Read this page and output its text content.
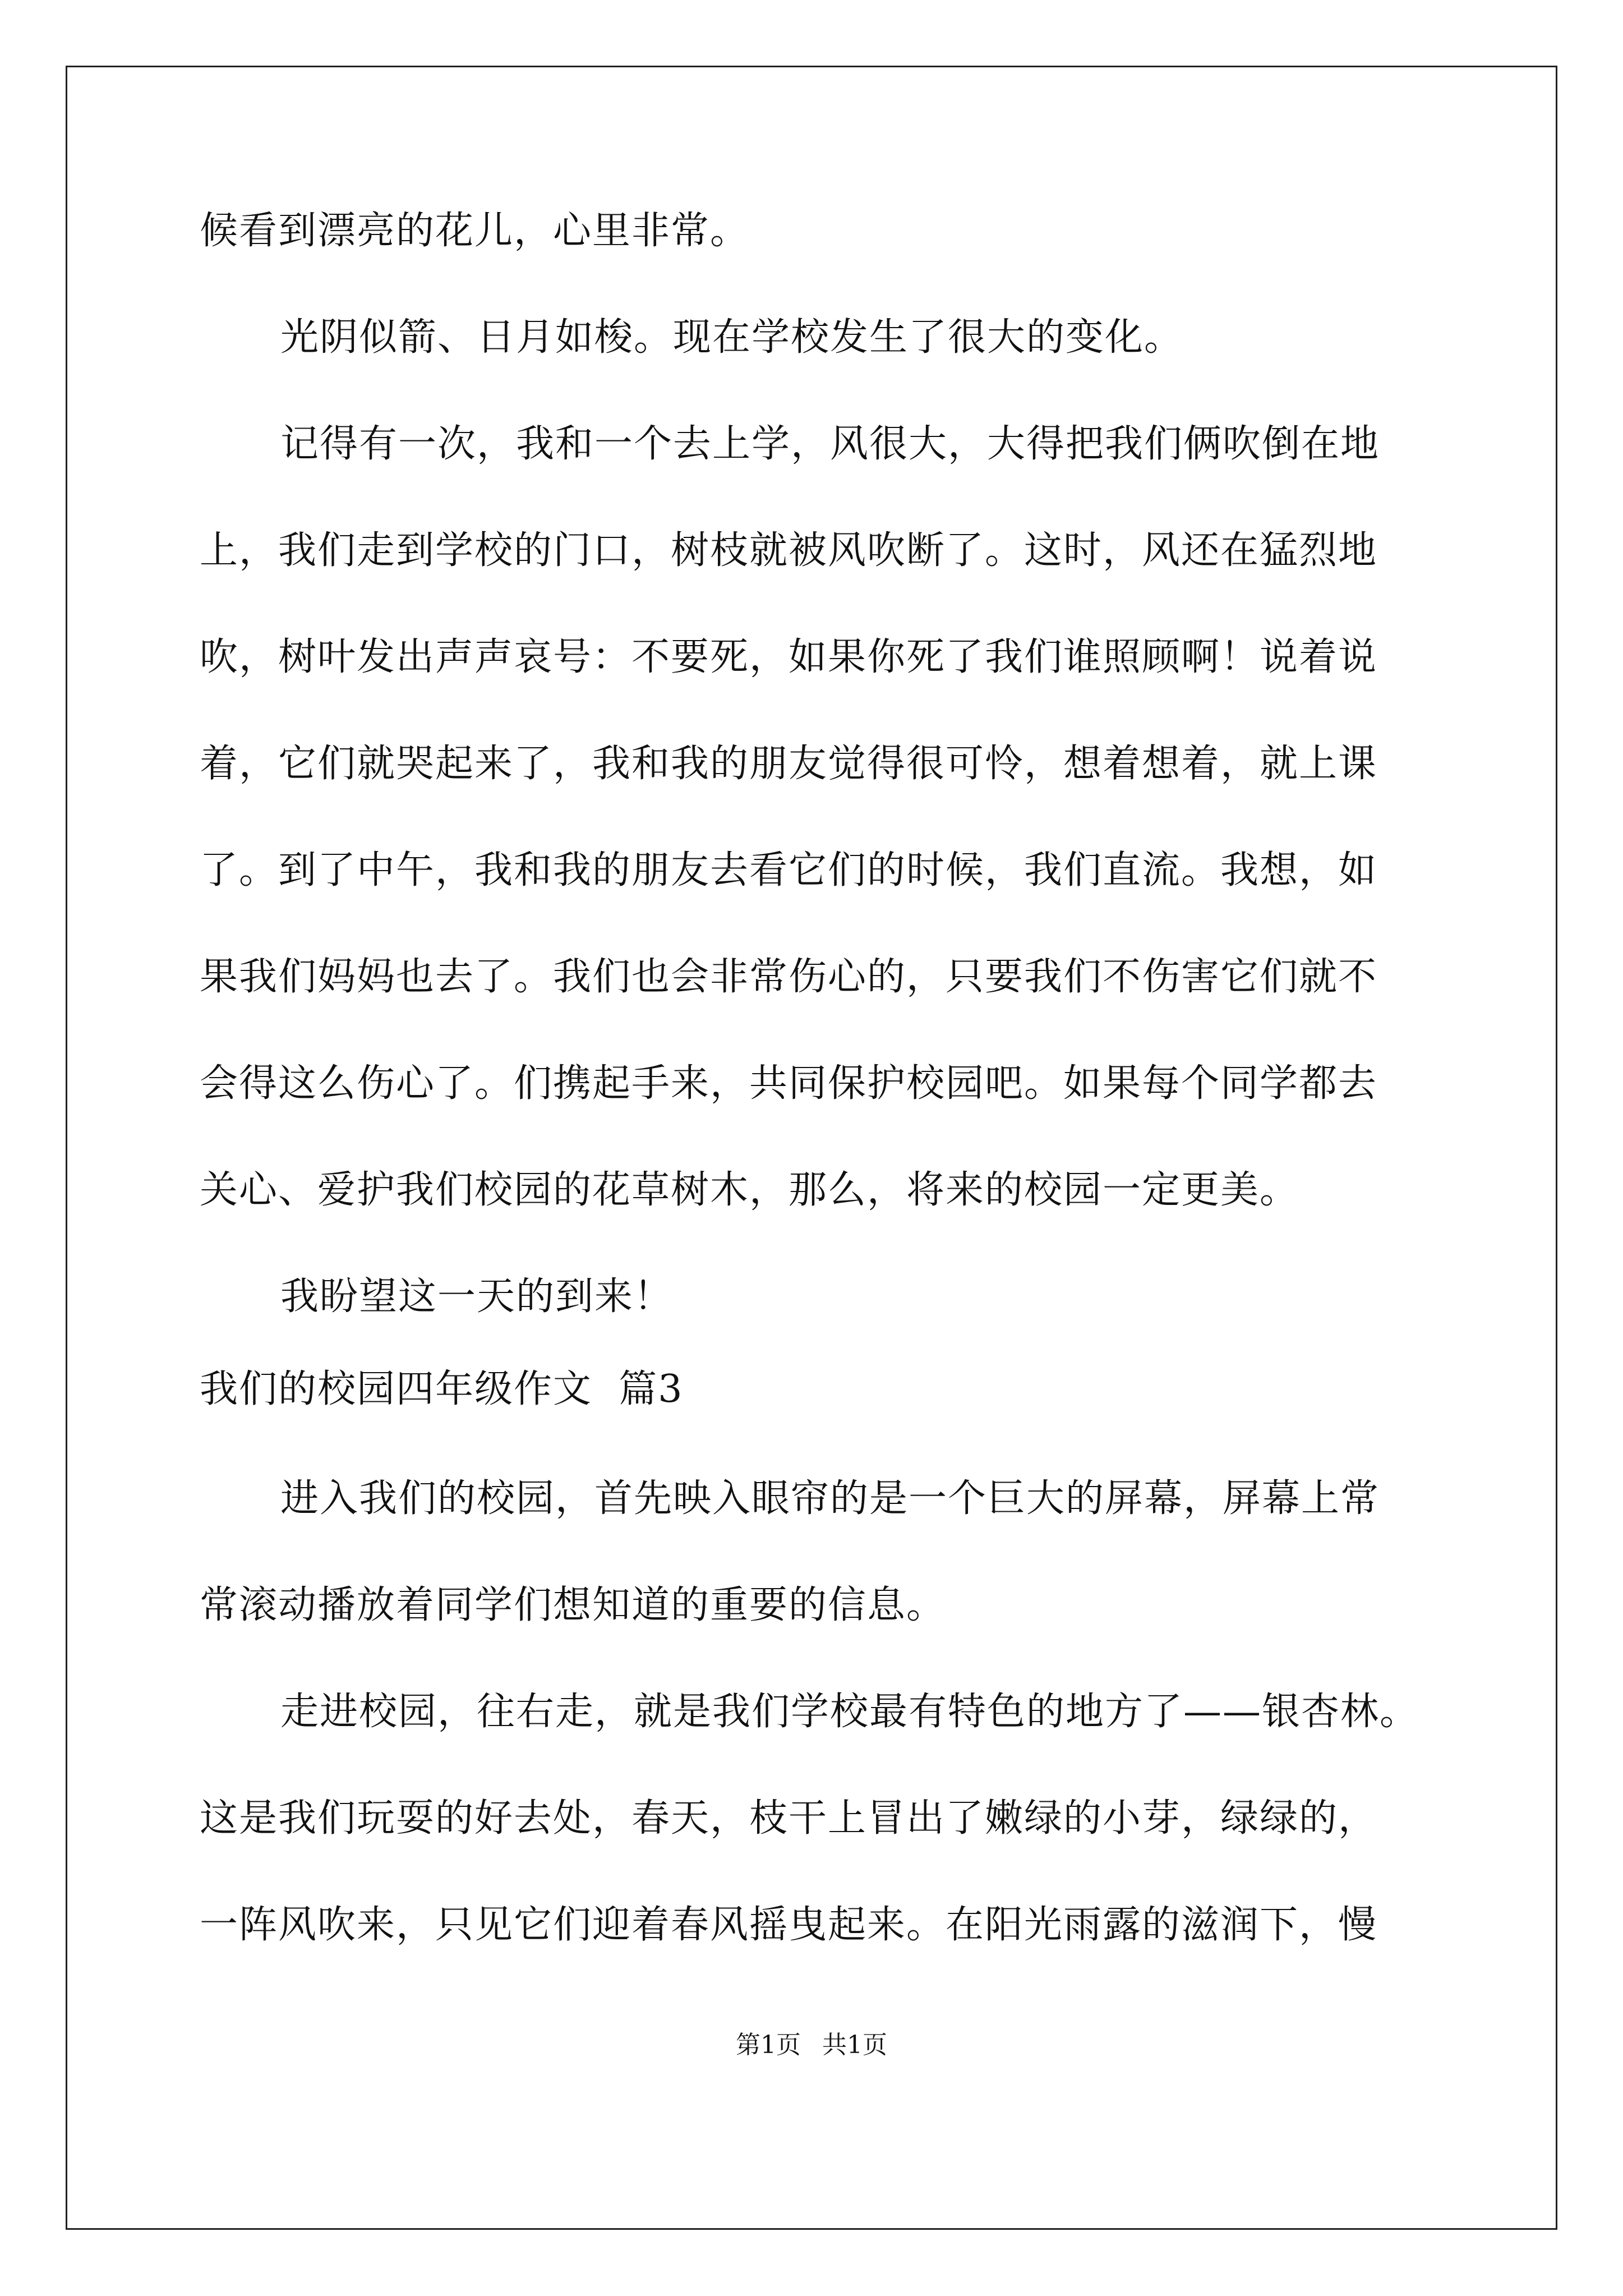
候看到漂亮的花儿，心里非常。
光阴似箭、日月如梭。现在学校发生了很大的变化。
记得有一次，我和一个去上学，风很大，大得把我们俩吹倒在地
上，我们走到学校的门口，树枝就被风吹断了。这时，风还在猛烈地
吹，树叶发出声声哀号：不要死，如果你死了我们谁照顾啊！说着说
着，它们就哭起来了，我和我的朋友觉得很可怜，想着想着，就上课
了。到了中午，我和我的朋友去看它们的时候，我们直流。我想，如
果我们妈妈也去了。我们也会非常伤心的，只要我们不伤害它们就不
会得这么伤心了。们携起手来，共同保护校园吧。如果每个同学都去
关心、爱护我们校园的花草树木，那么，将来的校园一定更美。
我盼望这一天的到来！
我们的校园四年级作文  篇3
进入我们的校园，首先映入眼帘的是一个巨大的屏幕，屏幕上常
常滚动播放着同学们想知道的重要的信息。
走进校园，往右走，就是我们学校最有特色的地方了——银杏林。
这是我们玩耍的好去处，春天，枝干上冒出了嫩绿的小芽，绿绿的，
一阵风吹来，只见它们迎着春风摇曳起来。在阳光雨露的滋润下，慢
第1页 共1页
